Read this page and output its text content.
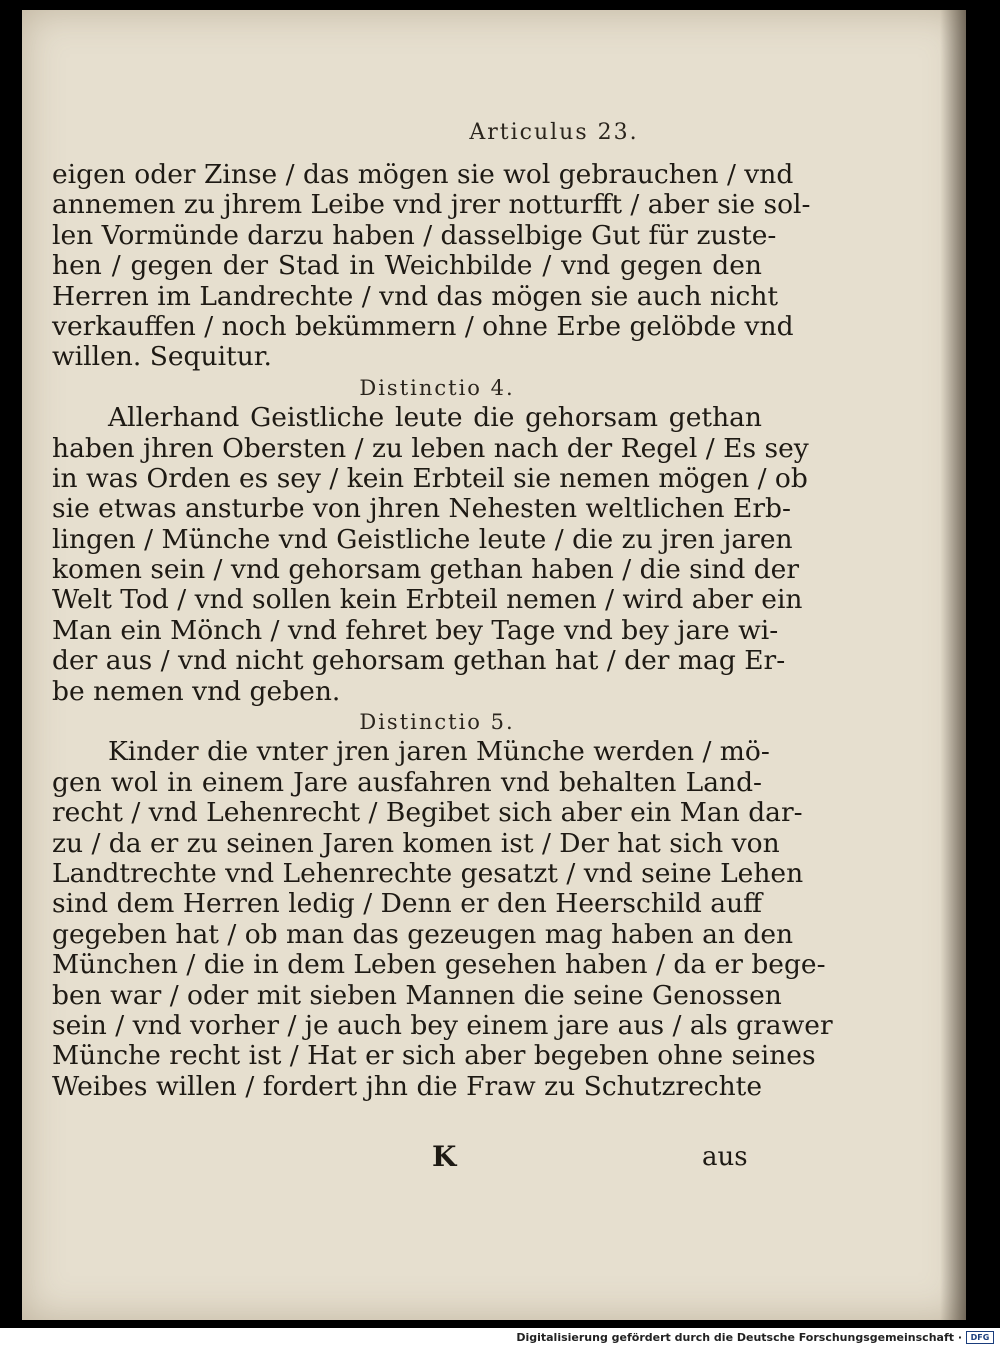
Articulus 23.
eigen oder Zinse / das mögen sie wol gebrauchen / vnd
annemen zu jhrem Leibe vnd jrer notturfft / aber sie sol-
len Vormünde darzu haben / dasselbige Gut für zuste-
hen / gegen der Stad in Weichbilde / vnd gegen den
Herren im Landrechte / vnd das mögen sie auch nicht
verkauffen / noch bekümmern / ohne Erbe gelöbde vnd
willen. Sequitur.
Distinctio 4.
Allerhand Geistliche leute die gehorsam gethan
haben jhren Obersten / zu leben nach der Regel / Es sey
in was Orden es sey / kein Erbteil sie nemen mögen / ob
sie etwas ansturbe von jhren Nehesten weltlichen Erb-
lingen / Münche vnd Geistliche leute / die zu jren jaren
komen sein / vnd gehorsam gethan haben / die sind der
Welt Tod / vnd sollen kein Erbteil nemen / wird aber ein
Man ein Mönch / vnd fehret bey Tage vnd bey jare wi-
der aus / vnd nicht gehorsam gethan hat / der mag Er-
be nemen vnd geben.
Distinctio 5.
Kinder die vnter jren jaren Münche werden / mö-
gen wol in einem Jare ausfahren vnd behalten Land-
recht / vnd Lehenrecht / Begibet sich aber ein Man dar-
zu / da er zu seinen Jaren komen ist / Der hat sich von
Landtrechte vnd Lehenrechte gesatzt / vnd seine Lehen
sind dem Herren ledig / Denn er den Heerschild auff
gegeben hat / ob man das gezeugen mag haben an den
München / die in dem Leben gesehen haben / da er bege-
ben war / oder mit sieben Mannen die seine Genossen
sein / vnd vorher / je auch bey einem jare aus / als grawer
Münche recht ist / Hat er sich aber begeben ohne seines
Weibes willen / fordert jhn die Fraw zu Schutzrechte
K	aus
Digitalisierung gefördert durch die Deutsche Forschungsgemeinschaft ·	DFG
